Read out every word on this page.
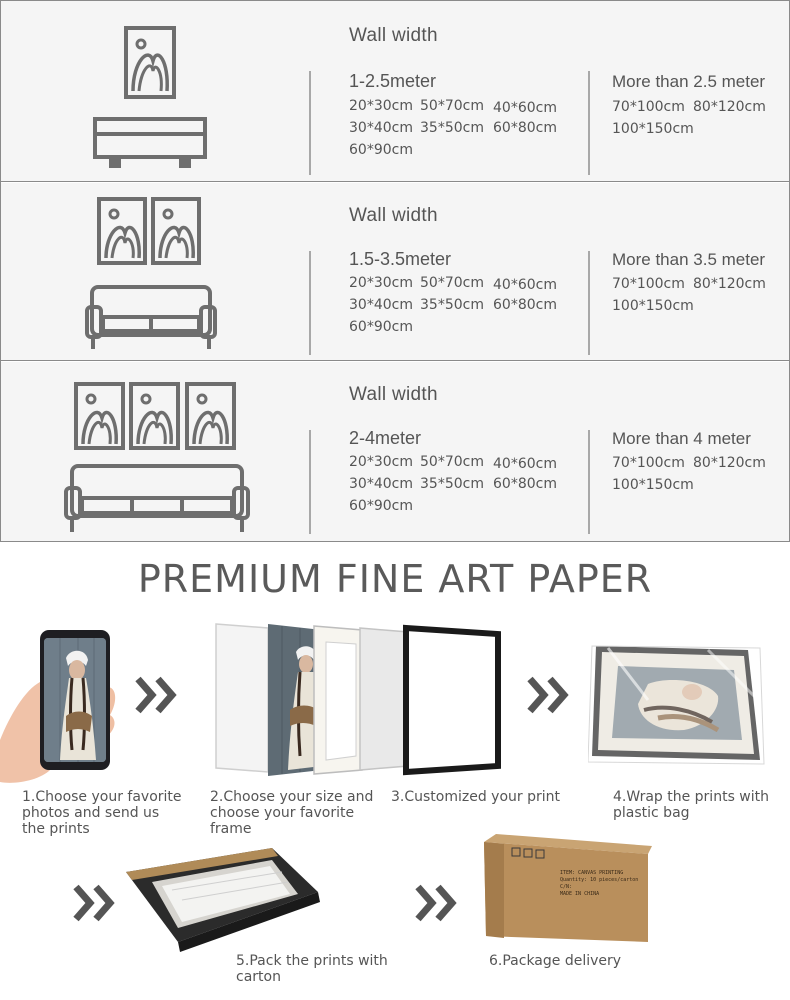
Wall width
1-2.5meter
20*30cm
30*40cm
60*90cm
50*70cm
35*50cm
40*60cm
60*80cm
More than 2.5 meter
70*100cm
100*150cm
80*120cm
Wall width
1.5-3.5meter
20*30cm
30*40cm
60*90cm
50*70cm
35*50cm
40*60cm
60*80cm
More than 3.5 meter
70*100cm
100*150cm
80*120cm
Wall width
2-4meter
20*30cm
30*40cm
60*90cm
50*70cm
35*50cm
40*60cm
60*80cm
More than 4 meter
70*100cm
100*150cm
80*120cm
PREMIUM FINE ART PAPER
1.Choose your favorite
photos and send us
the prints
2.Choose your size and
choose your favorite
frame
3.Customized your print	4.Wrap the prints with
plastic bag
ITEM: CANVAS PRINTING
Quantity: 10 pieces/carton
C/N:
MADE IN CHINA
5.Pack the prints with
carton
6.Package delivery
